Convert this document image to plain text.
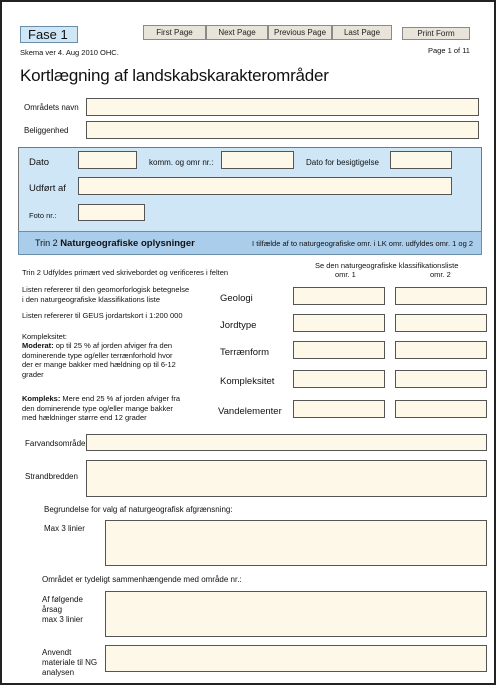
Fase 1
Skema ver 4. Aug 2010 OHC.
First Page	Next Page	Previous Page	Last Page	Print Form
Page 1 of 11
Kortlægning af landskabskarakterområder
Områdets navn
Beliggenhed
Dato	komm. og omr nr.:	Dato for besigtigelse
Udført af
Foto nr.:
Trin 2 Naturgeografiske oplysninger	I tilfælde af to naturgeografiske omr. i LK omr. udfyldes omr. 1 og 2
Trin 2 Udfyldes primært ved skrivebordet og verificeres i felten
Listen refererer til den geomorforlogisk betegnelse
i den naturgeografiske klassifikations liste
Listen refererer til GEUS jordartskort i 1:200 000
Kompleksitet:
Moderat: op til 25 % af jorden afviger fra den
dominerende type og/eller terrænforhold hvor
der er mange bakker med hældning op til 6-12
grader
Kompleks: Mere end 25 % af jorden afviger fra
den dominerende type og/eller mange bakker
med hældninger større end 12 grader
Se den naturgeografiske klassifikationsliste
omr. 1	omr. 2
Geologi
Jordtype
Terrænform
Kompleksitet
Vandelementer
Farvandsområde
Strandbredden
Begrundelse for valg af naturgeografisk afgrænsning:
Max 3 linier
Området er tydeligt sammenhængende med område nr.:
Af følgende
årsag
max 3 linier
Anvendt
materiale til NG
analysen
